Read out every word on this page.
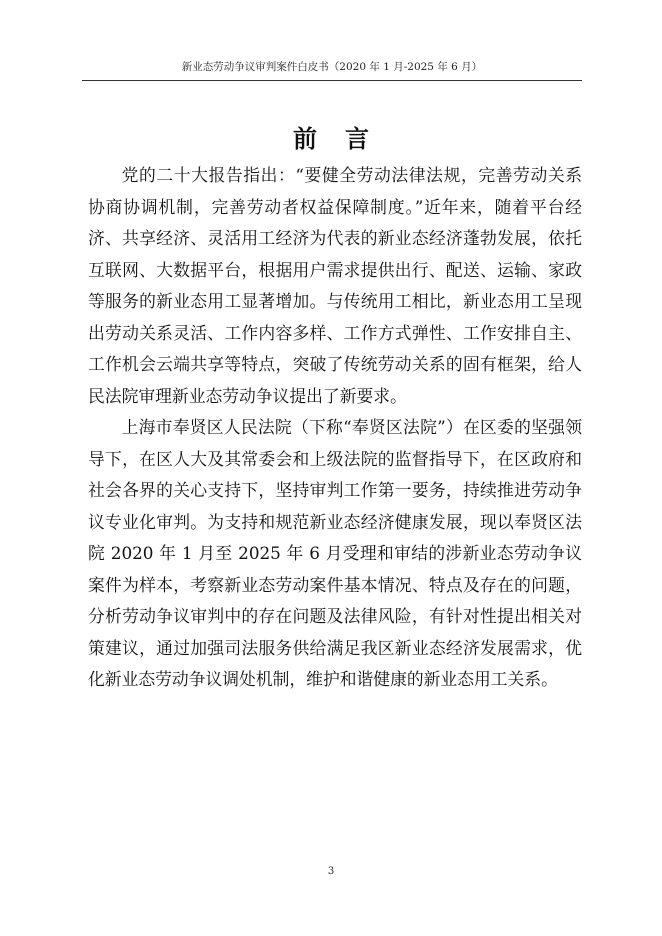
新业态劳动争议审判案件白皮书（2020 年 1 月-2025 年 6 月）
前言

党的二十大报告指出：“要健全劳动法律法规，完善劳动关系协商协调机制，完善劳动者权益保障制度。”近年来，随着平台经济、共享经济、灵活用工经济为代表的新业态经济蓬勃发展，依托互联网、大数据平台，根据用户需求提供出行、配送、运输、家政等服务的新业态用工显著增加。与传统用工相比，新业态用工呈现出劳动关系灵活、工作内容多样、工作方式弹性、工作安排自主、工作机会云端共享等特点，突破了传统劳动关系的固有框架，给人民法院审理新业态劳动争议提出了新要求。

上海市奉贤区人民法院（下称“奉贤区法院”）在区委的坚强领导下，在区人大及其常委会和上级法院的监督指导下，在区政府和社会各界的关心支持下，坚持审判工作第一要务，持续推进劳动争议专业化审判。为支持和规范新业态经济健康发展，现以奉贤区法院 2020 年 1 月至 2025 年 6 月受理和审结的涉新业态劳动争议案件为样本，考察新业态劳动案件基本情况、特点及存在的问题，分析劳动争议审判中的存在问题及法律风险，有针对性提出相关对策建议，通过加强司法服务供给满足我区新业态经济发展需求，优化新业态劳动争议调处机制，维护和谐健康的新业态用工关系。

3
